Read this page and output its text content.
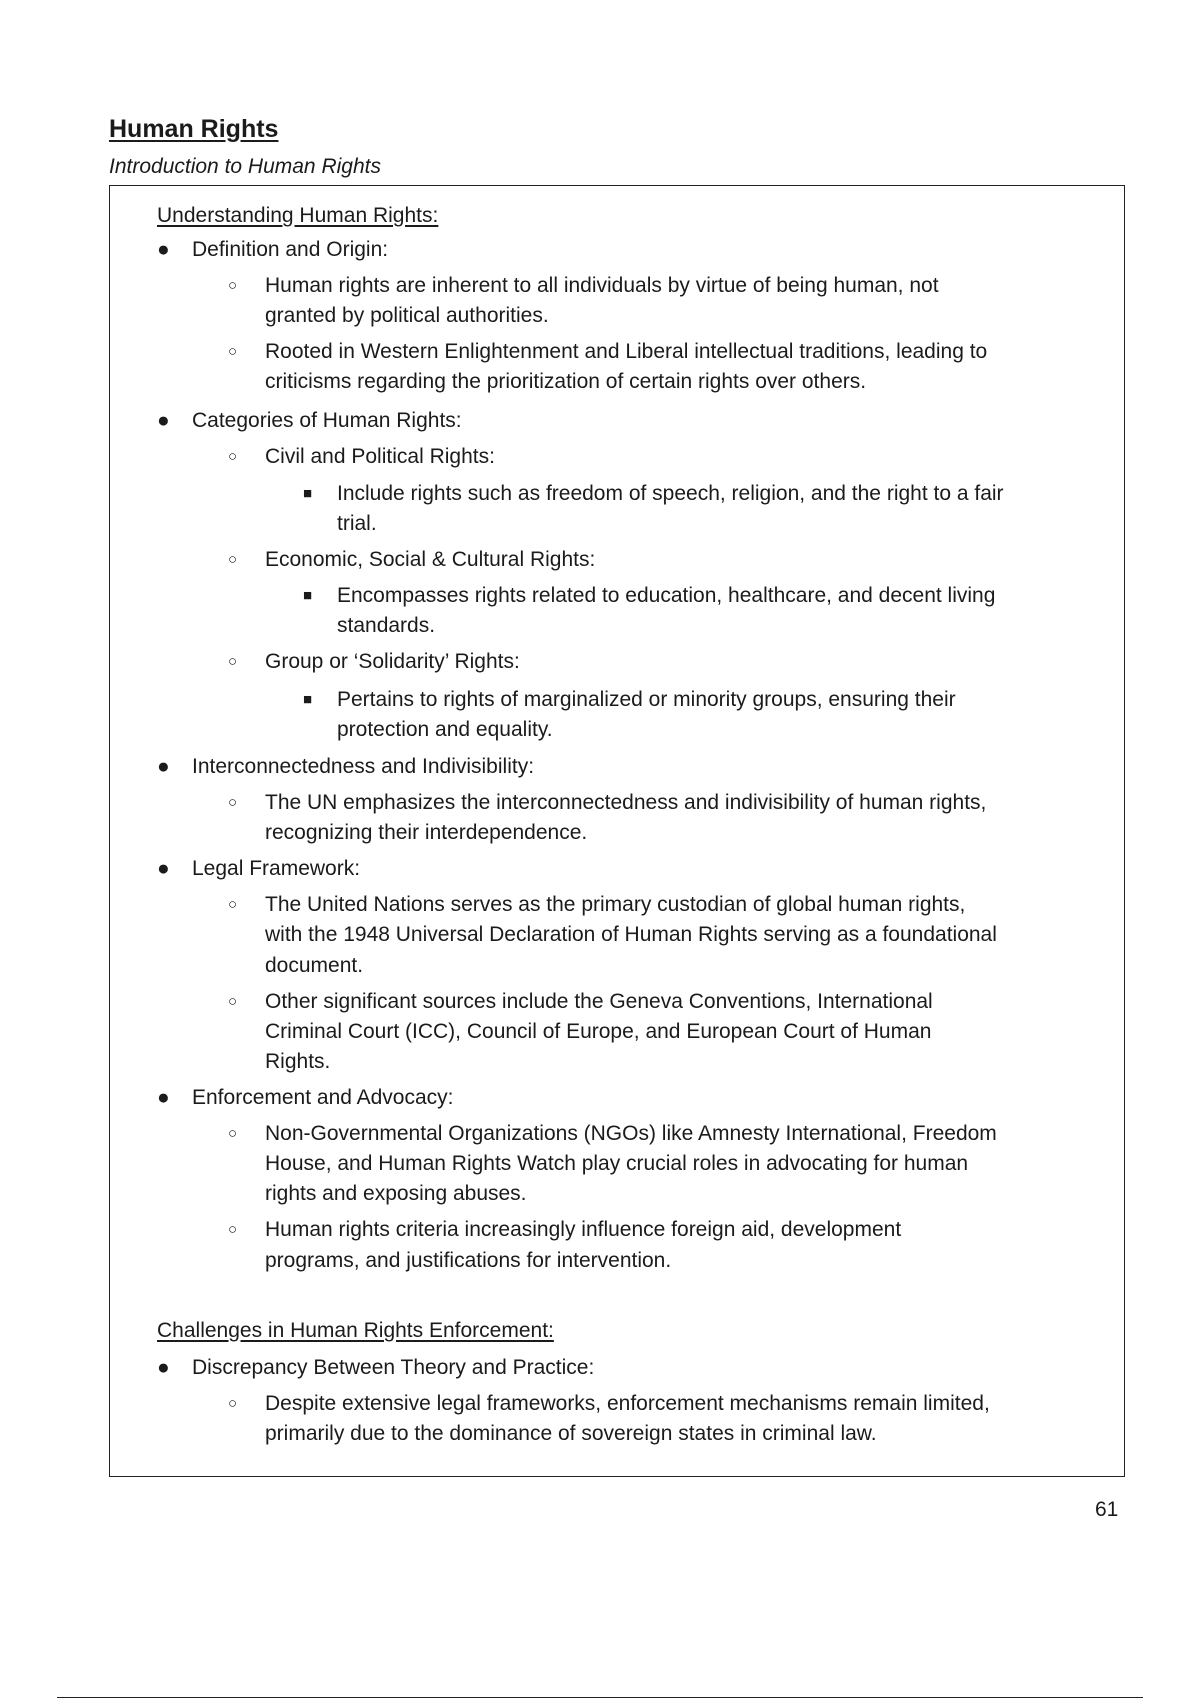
Human Rights
Introduction to Human Rights
Understanding Human Rights:
● Definition and Origin:
○ Human rights are inherent to all individuals by virtue of being human, not
granted by political authorities.
○ Rooted in Western Enlightenment and Liberal intellectual traditions, leading to
criticisms regarding the prioritization of certain rights over others.
● Categories of Human Rights:
○ Civil and Political Rights:
■ Include rights such as freedom of speech, religion, and the right to a fair
trial.
○ Economic, Social & Cultural Rights:
■ Encompasses rights related to education, healthcare, and decent living
standards.
○ Group or ‘Solidarity’ Rights:
■ Pertains to rights of marginalized or minority groups, ensuring their
protection and equality.
● Interconnectedness and Indivisibility:
○ The UN emphasizes the interconnectedness and indivisibility of human rights,
recognizing their interdependence.
● Legal Framework:
○ The United Nations serves as the primary custodian of global human rights,
with the 1948 Universal Declaration of Human Rights serving as a foundational
document.
○ Other significant sources include the Geneva Conventions, International
Criminal Court (ICC), Council of Europe, and European Court of Human
Rights.
● Enforcement and Advocacy:
○ Non-Governmental Organizations (NGOs) like Amnesty International, Freedom
House, and Human Rights Watch play crucial roles in advocating for human
rights and exposing abuses.
○ Human rights criteria increasingly influence foreign aid, development
programs, and justifications for intervention.
Challenges in Human Rights Enforcement:
● Discrepancy Between Theory and Practice:
○ Despite extensive legal frameworks, enforcement mechanisms remain limited,
primarily due to the dominance of sovereign states in criminal law.
61
